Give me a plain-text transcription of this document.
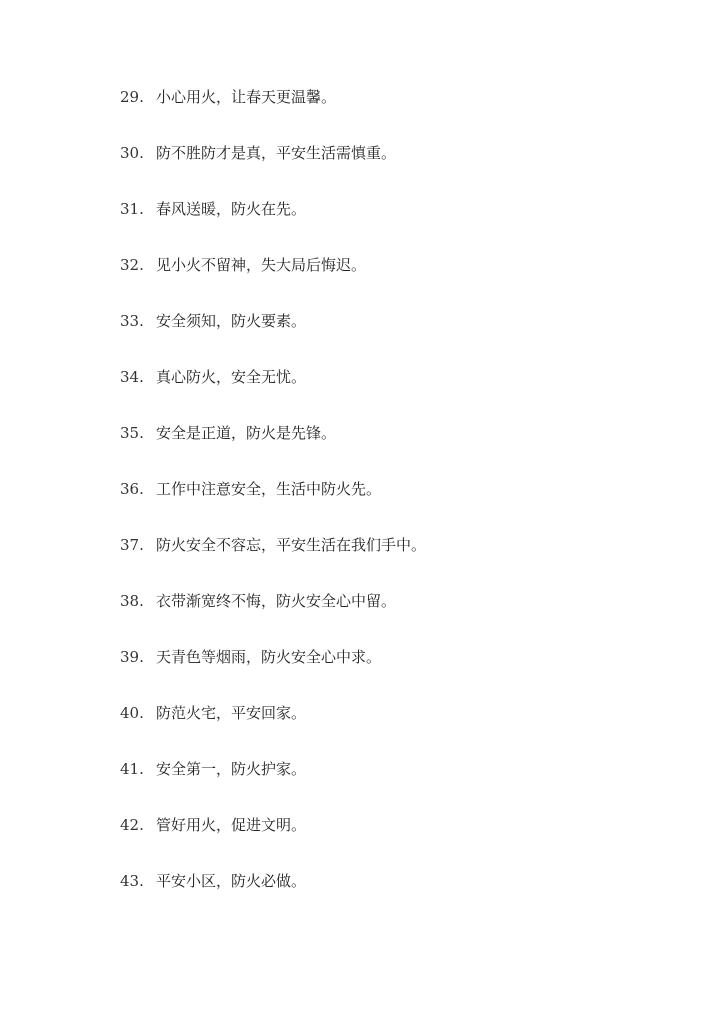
29. 小心用火，让春天更温馨。
30. 防不胜防才是真，平安生活需慎重。
31. 春风送暖，防火在先。
32. 见小火不留神，失大局后悔迟。
33. 安全须知，防火要素。
34. 真心防火，安全无忧。
35. 安全是正道，防火是先锋。
36. 工作中注意安全，生活中防火先。
37. 防火安全不容忘，平安生活在我们手中。
38. 衣带渐宽终不悔，防火安全心中留。
39. 天青色等烟雨，防火安全心中求。
40. 防范火宅，平安回家。
41. 安全第一，防火护家。
42. 管好用火，促进文明。
43. 平安小区，防火必做。
